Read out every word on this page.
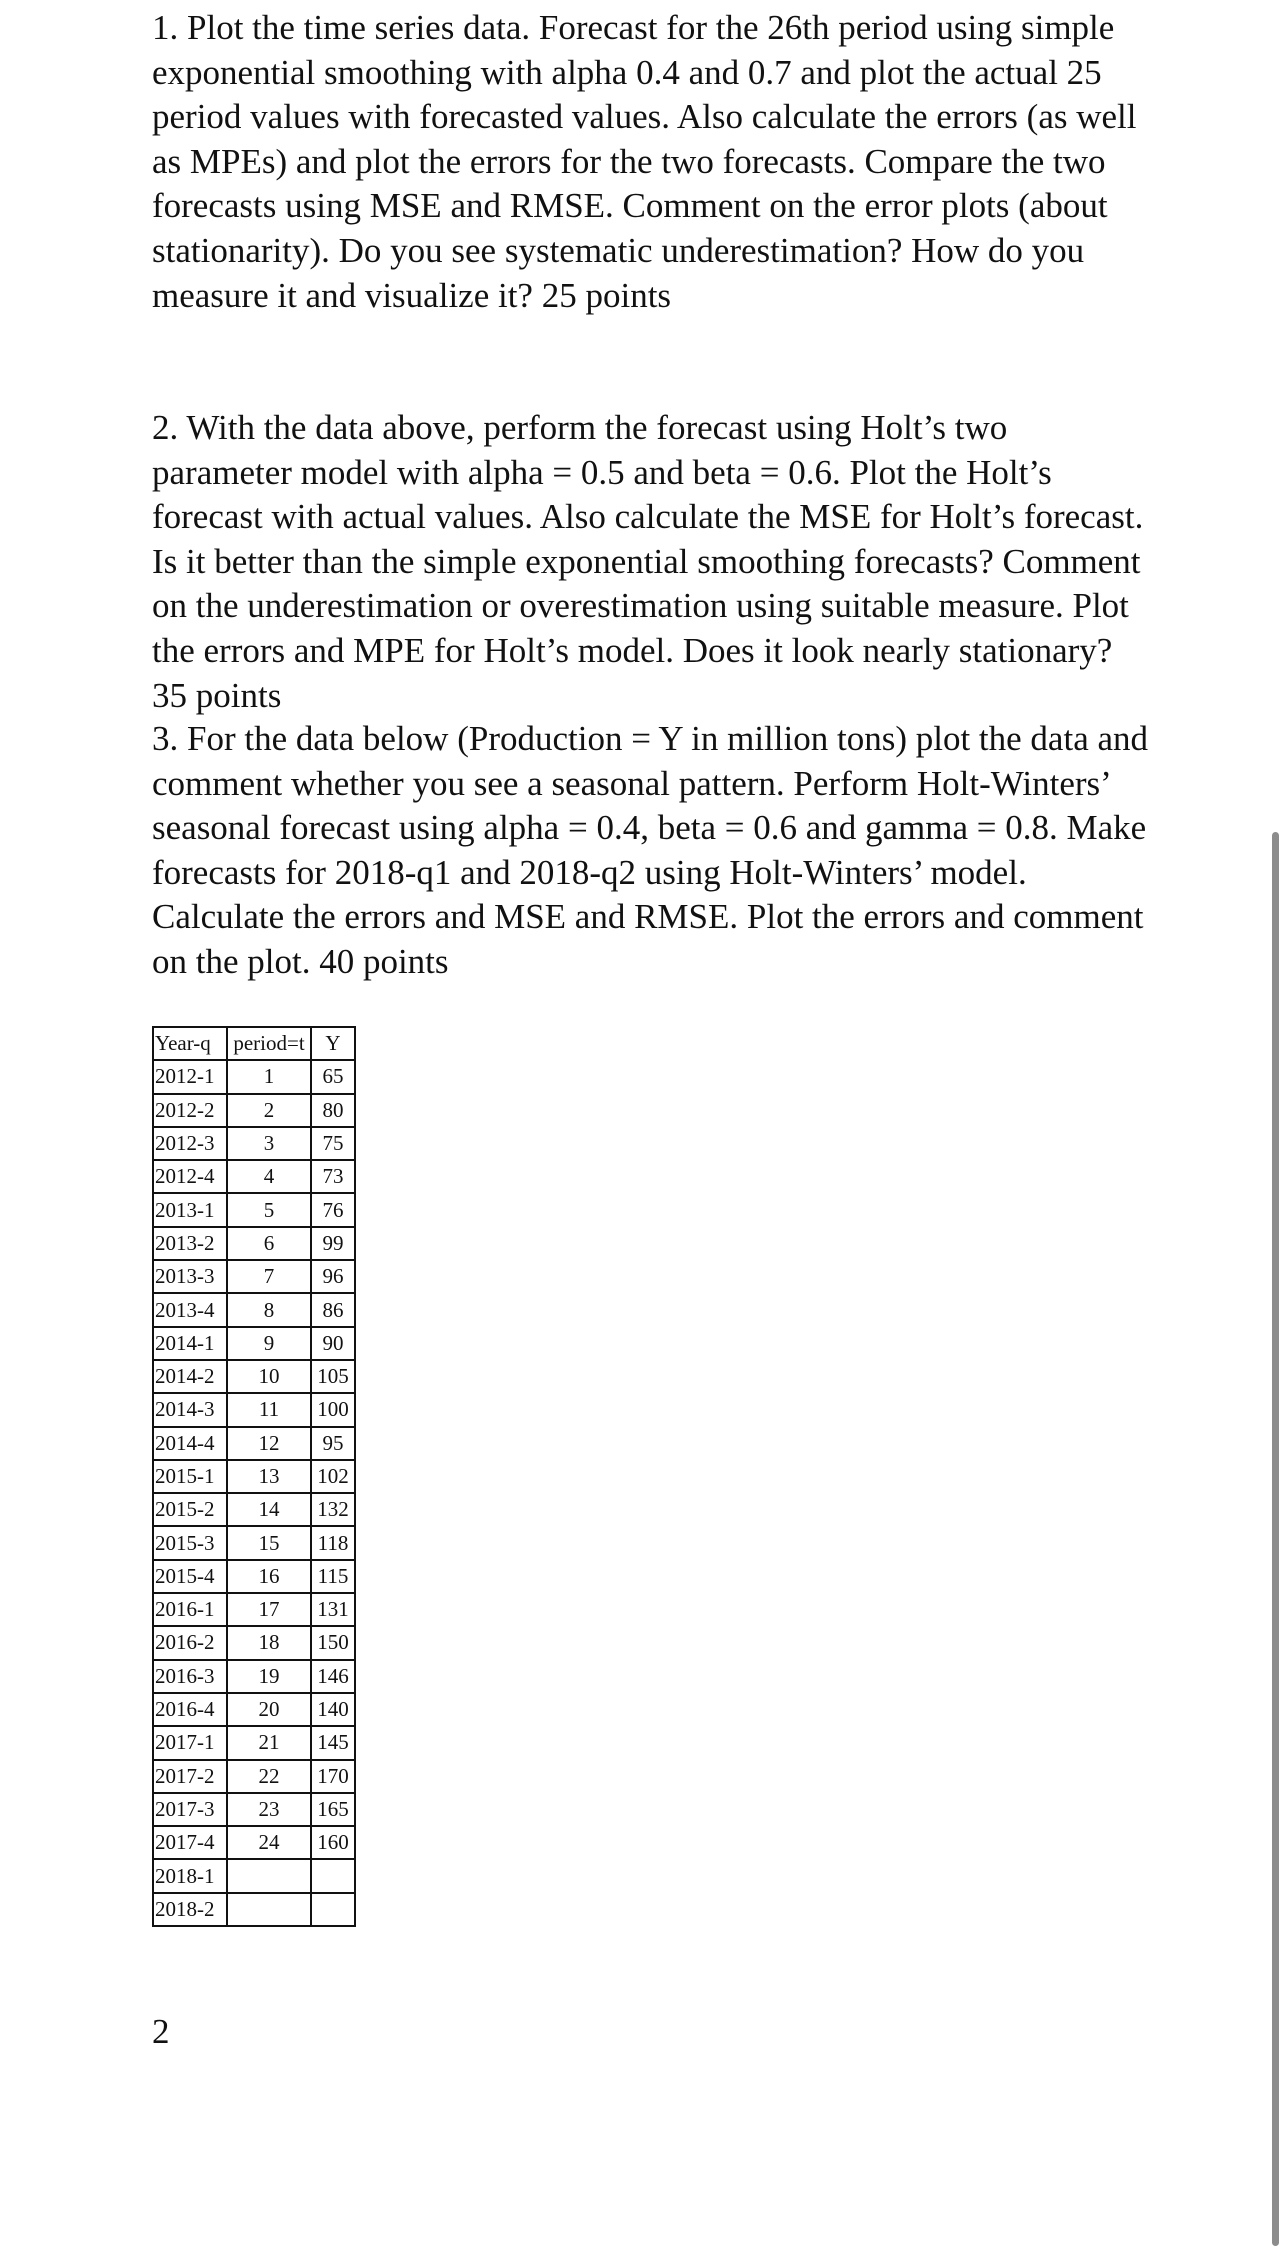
1. Plot the time series data. Forecast for the 26th period using simple exponential smoothing with alpha 0.4 and 0.7 and plot the actual 25 period values with forecasted values. Also calculate the errors (as well as MPEs) and plot the errors for the two forecasts. Compare the two forecasts using MSE and RMSE. Comment on the error plots (about stationarity). Do you see systematic underestimation? How do you measure it and visualize it? 25 points

2. With the data above, perform the forecast using Holt’s two parameter model with alpha = 0.5 and beta = 0.6. Plot the Holt’s forecast with actual values. Also calculate the MSE for Holt’s forecast. Is it better than the simple exponential smoothing forecasts? Comment on the underestimation or overestimation using suitable measure. Plot the errors and MPE for Holt’s model. Does it look nearly stationary? 35 points

3. For the data below (Production = Y in million tons) plot the data and comment whether you see a seasonal pattern. Perform Holt-Winters’ seasonal forecast using alpha = 0.4, beta = 0.6 and gamma = 0.8. Make forecasts for 2018-q1 and 2018-q2 using Holt-Winters’ model. Calculate the errors and MSE and RMSE. Plot the errors and comment on the plot. 40 points

Year-q	period=t	Y
2012-1	1	65
2012-2	2	80
2012-3	3	75
2012-4	4	73
2013-1	5	76
2013-2	6	99
2013-3	7	96
2013-4	8	86
2014-1	9	90
2014-2	10	105
2014-3	11	100
2014-4	12	95
2015-1	13	102
2015-2	14	132
2015-3	15	118
2015-4	16	115
2016-1	17	131
2016-2	18	150
2016-3	19	146
2016-4	20	140
2017-1	21	145
2017-2	22	170
2017-3	23	165
2017-4	24	160
2018-1		
2018-2		
2
